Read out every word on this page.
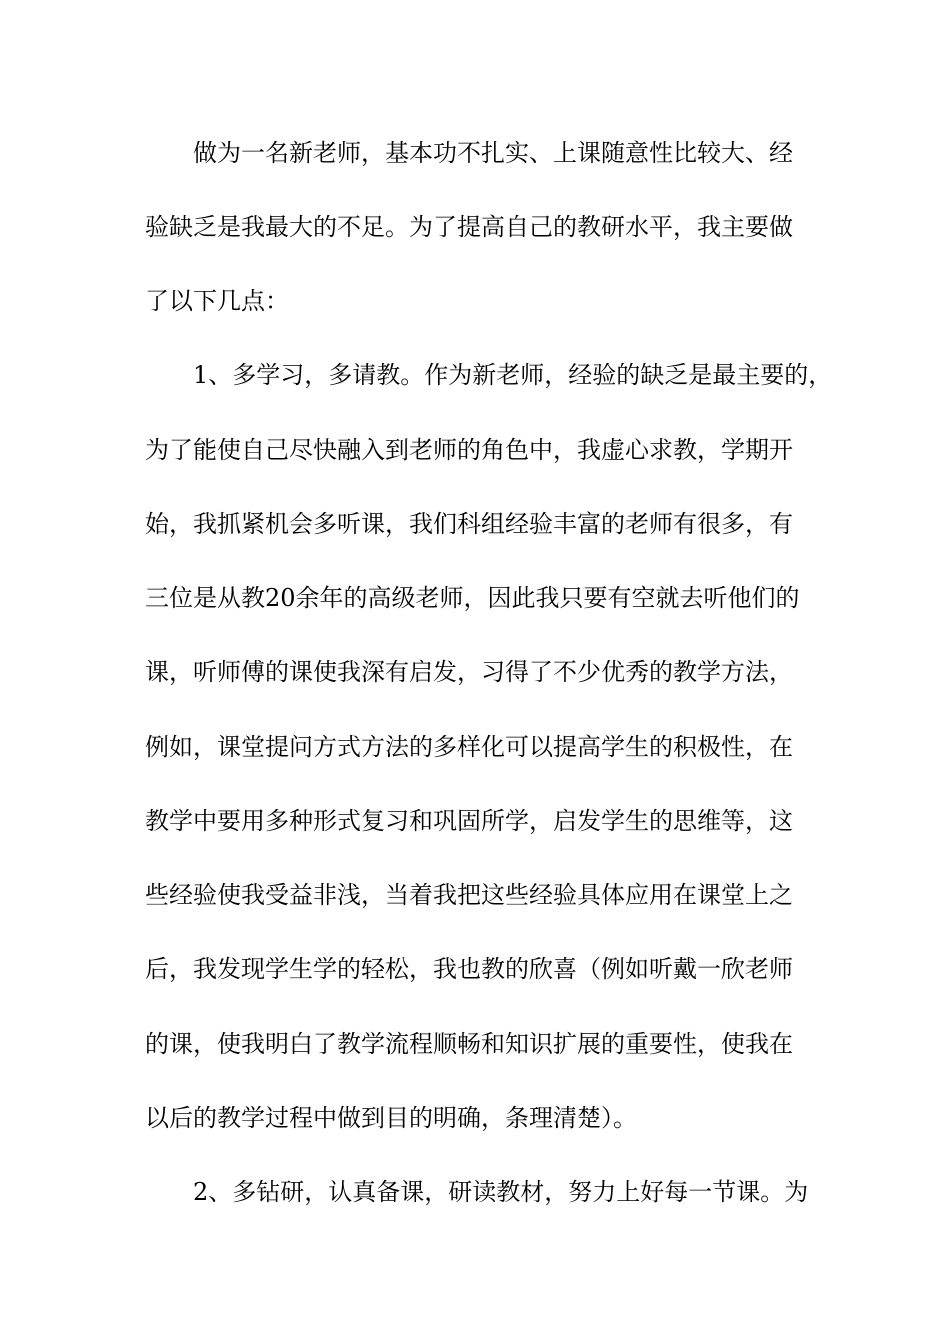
做为一名新老师，基本功不扎实、上课随意性比较大、经
验缺乏是我最大的不足。为了提高自己的教研水平，我主要做
了以下几点：
1、多学习，多请教。作为新老师，经验的缺乏是最主要的，
为了能使自己尽快融入到老师的角色中，我虚心求教，学期开
始，我抓紧机会多听课，我们科组经验丰富的老师有很多，有
三位是从教20余年的高级老师，因此我只要有空就去听他们的
课，听师傅的课使我深有启发，习得了不少优秀的教学方法，
例如，课堂提问方式方法的多样化可以提高学生的积极性，在
教学中要用多种形式复习和巩固所学，启发学生的思维等，这
些经验使我受益非浅，当着我把这些经验具体应用在课堂上之
后，我发现学生学的轻松，我也教的欣喜（例如听戴一欣老师
的课，使我明白了教学流程顺畅和知识扩展的重要性，使我在
以后的教学过程中做到目的明确，条理清楚）。
2、多钻研，认真备课，研读教材，努力上好每一节课。为
